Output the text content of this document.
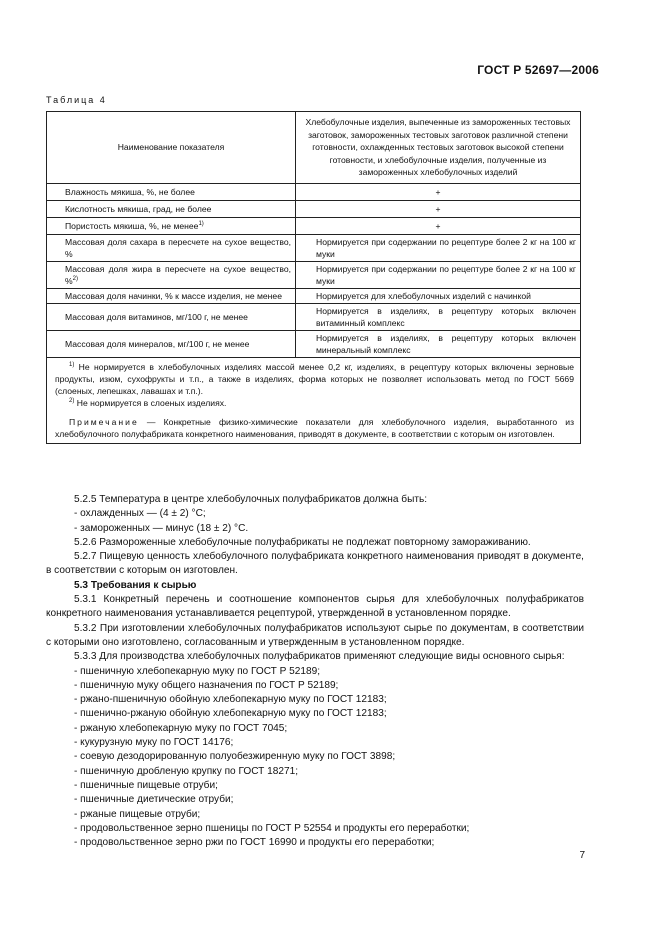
ГОСТ Р 52697—2006
Таблица 4
Наименование показателя	Хлебобулочные изделия, выпеченные из замороженных тестовых заготовок, замороженных тестовых заготовок различной степени готовности, охлажденных тестовых заготовок высокой степени готовности, и хлебобулочные изделия, полученные из замороженных хлебобулочных изделий
Влажность мякиша, %, не более	+
Кислотность мякиша, град, не более	+
Пористость мякиша, %, не менее$^{1)}$	+
Массовая доля сахара в пересчете на сухое вещество, %	Нормируется при содержании по рецептуре более 2 кг на 100 кг муки
Массовая доля жира в пересчете на сухое вещество, %$^{2)}$	Нормируется при содержании по рецептуре более 2 кг на 100 кг муки
Массовая доля начинки, % к массе изделия, не менее	Нормируется для хлебобулочных изделий с начинкой
Массовая доля витаминов, мг/100 г, не менее	Нормируется в изделиях, в рецептуру которых включен витаминный комплекс
Массовая доля минералов, мг/100 г, не менее	Нормируется в изделиях, в рецептуру которых включен минеральный комплекс

$^{1)}$ Не нормируется в хлебобулочных изделиях массой менее 0,2 кг, изделиях, в рецептуру которых включены зерновые продукты, изюм, сухофрукты и т.п., а также в изделиях, форма которых не позволяет использовать метод по ГОСТ 5669 (слоеных, лепешках, лавашах и т.п.).
$^{2)}$ Не нормируется в слоеных изделиях.
Примечание — Конкретные физико-химические показатели для хлебобулочного изделия, выработанного из хлебобулочного полуфабриката конкретного наименования, приводят в документе, в соответствии с которым он изготовлен.	

5.2.5 Температура в центре хлебобулочных полуфабрикатов должна быть:

- охлажденных — (4 ± 2) °С;

- замороженных — минус (18 ± 2) °С.

5.2.6 Размороженные хлебобулочные полуфабрикаты не подлежат повторному замораживанию.

5.2.7 Пищевую ценность хлебобулочного полуфабриката конкретного наименования приводят в документе, в соответствии с которым он изготовлен.

5.3 Требования к сырью

5.3.1 Конкретный перечень и соотношение компонентов сырья для хлебобулочных полуфабрикатов конкретного наименования устанавливается рецептурой, утвержденной в установленном порядке.

5.3.2 При изготовлении хлебобулочных полуфабрикатов используют сырье по документам, в соответствии с которыми оно изготовлено, согласованным и утвержденным в установленном порядке.

5.3.3 Для производства хлебобулочных полуфабрикатов применяют следующие виды основного сырья:

- пшеничную хлебопекарную муку по ГОСТ Р 52189;

- пшеничную муку общего назначения по ГОСТ Р 52189;

- ржано-пшеничную обойную хлебопекарную муку по ГОСТ 12183;

- пшенично-ржаную обойную хлебопекарную муку по ГОСТ 12183;

- ржаную хлебопекарную муку по ГОСТ 7045;

- кукурузную муку по ГОСТ 14176;

- соевую дезодорированную полуобезжиренную муку по ГОСТ 3898;

- пшеничную дробленую крупку по ГОСТ 18271;

- пшеничные пищевые отруби;

- пшеничные диетические отруби;

- ржаные пищевые отруби;

- продовольственное зерно пшеницы по ГОСТ Р 52554 и продукты его переработки;

- продовольственное зерно ржи по ГОСТ 16990 и продукты его переработки;

7
